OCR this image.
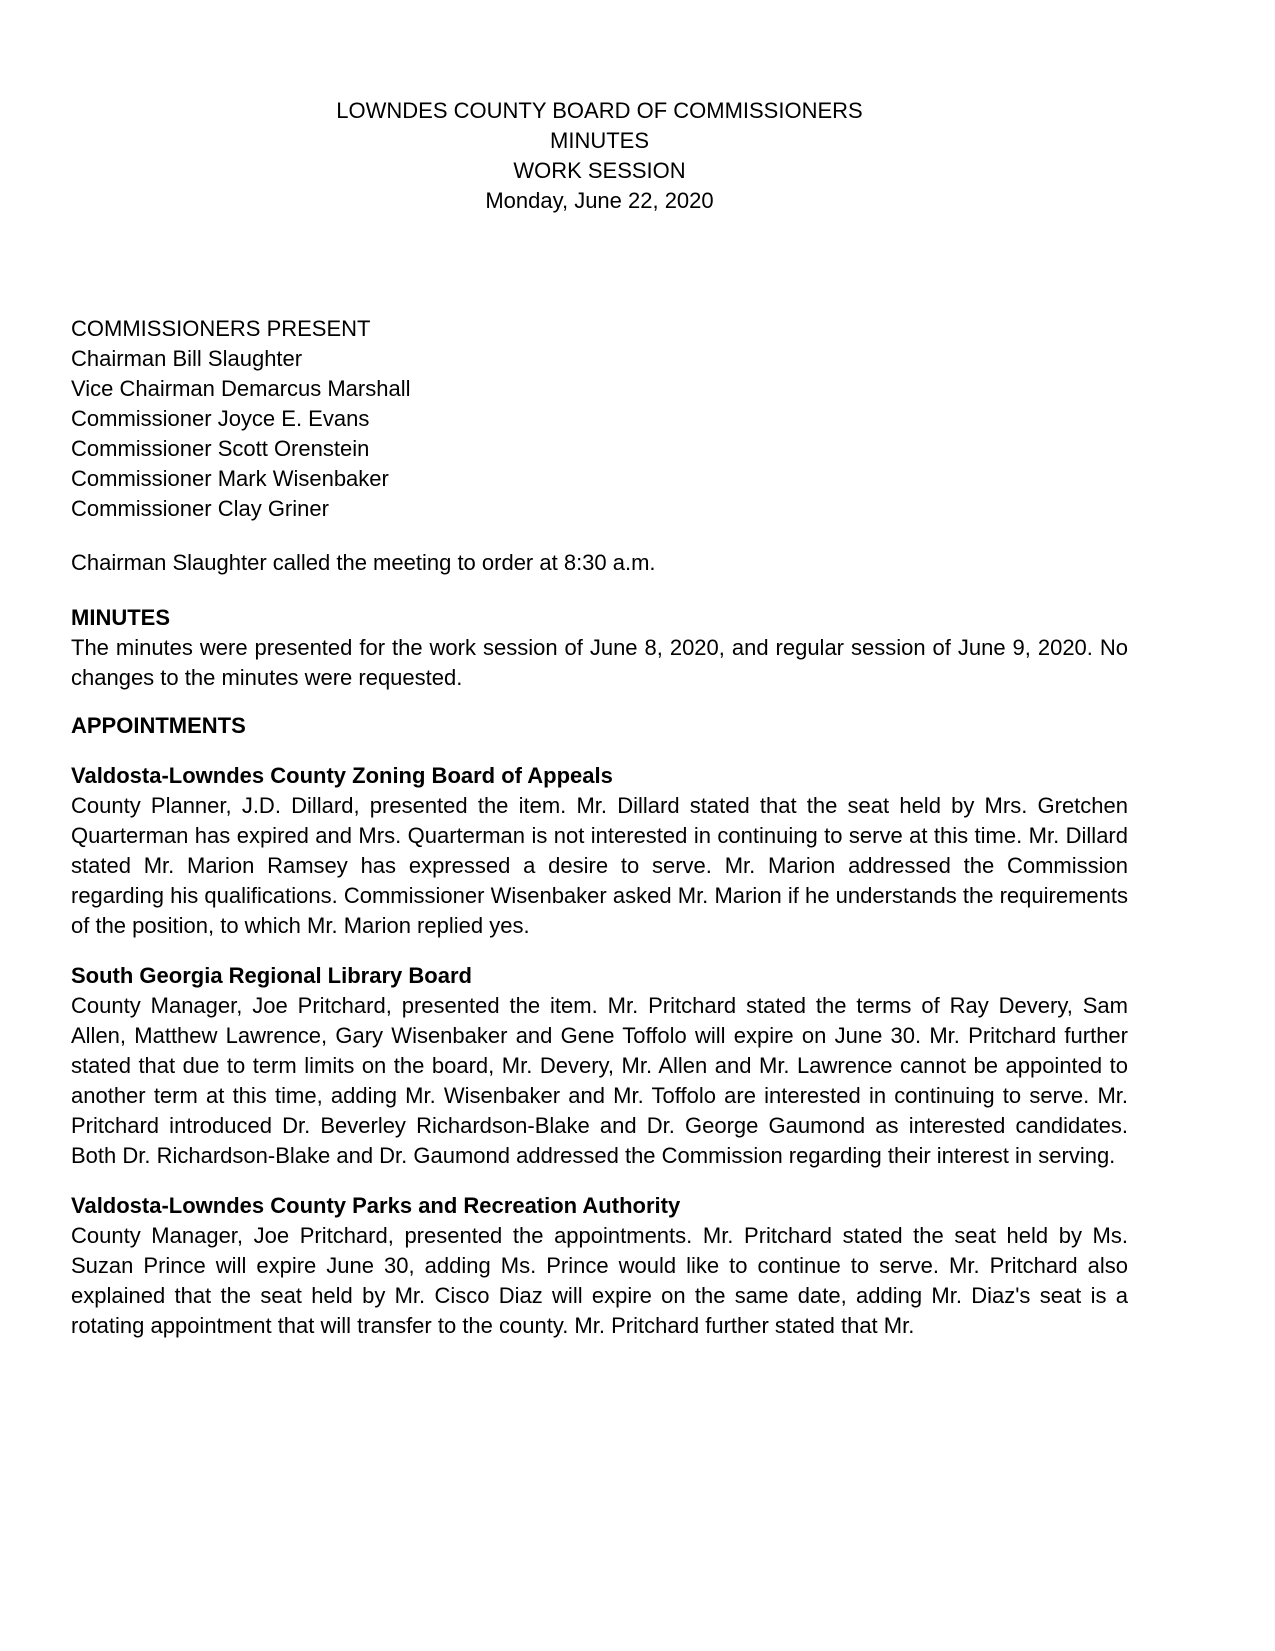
LOWNDES COUNTY BOARD OF COMMISSIONERS
MINUTES
WORK SESSION
Monday, June 22, 2020
COMMISSIONERS PRESENT
Chairman Bill Slaughter
Vice Chairman Demarcus Marshall
Commissioner Joyce E. Evans
Commissioner Scott Orenstein
Commissioner Mark Wisenbaker
Commissioner Clay Griner

Chairman Slaughter called the meeting to order at 8:30 a.m.

MINUTES

The minutes were presented for the work session of June 8, 2020, and regular session of June 9, 2020. No changes to the minutes were requested.

APPOINTMENTS

Valdosta-Lowndes County Zoning Board of Appeals

County Planner, J.D. Dillard, presented the item. Mr. Dillard stated that the seat held by Mrs. Gretchen Quarterman has expired and Mrs. Quarterman is not interested in continuing to serve at this time. Mr. Dillard stated Mr. Marion Ramsey has expressed a desire to serve. Mr. Marion addressed the Commission regarding his qualifications. Commissioner Wisenbaker asked Mr. Marion if he understands the requirements of the position, to which Mr. Marion replied yes.

South Georgia Regional Library Board

County Manager, Joe Pritchard, presented the item. Mr. Pritchard stated the terms of Ray Devery, Sam Allen, Matthew Lawrence, Gary Wisenbaker and Gene Toffolo will expire on June 30. Mr. Pritchard further stated that due to term limits on the board, Mr. Devery, Mr. Allen and Mr. Lawrence cannot be appointed to another term at this time, adding Mr. Wisenbaker and Mr. Toffolo are interested in continuing to serve. Mr. Pritchard introduced Dr. Beverley Richardson-Blake and Dr. George Gaumond as interested candidates. Both Dr. Richardson-Blake and Dr. Gaumond addressed the Commission regarding their interest in serving.

Valdosta-Lowndes County Parks and Recreation Authority

County Manager, Joe Pritchard, presented the appointments. Mr. Pritchard stated the seat held by Ms. Suzan Prince will expire June 30, adding Ms. Prince would like to continue to serve. Mr. Pritchard also explained that the seat held by Mr. Cisco Diaz will expire on the same date, adding Mr. Diaz's seat is a rotating appointment that will transfer to the county. Mr. Pritchard further stated that Mr.
